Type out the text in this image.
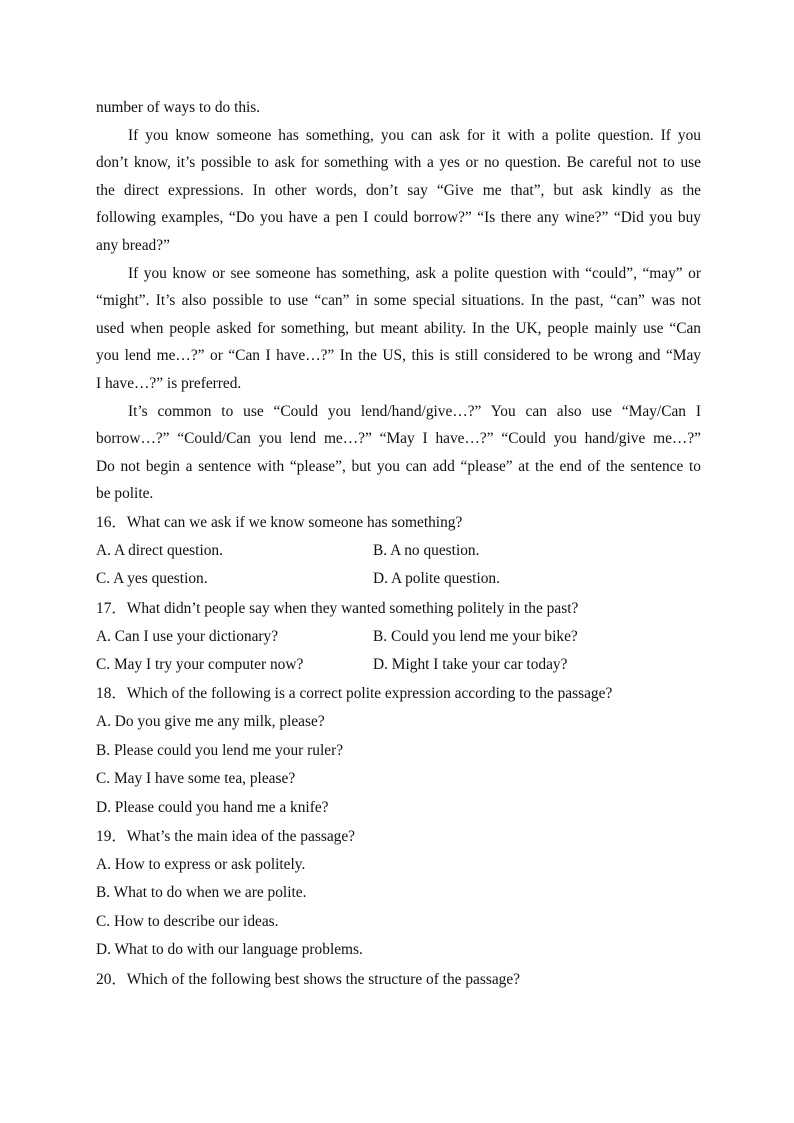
number of ways to do this.
If you know someone has something, you can ask for it with a polite question. If you
don’t know, it’s possible to ask for something with a yes or no question. Be careful not to use
the direct expressions. In other words, don’t say “Give me that”, but ask kindly as the
following examples, “Do you have a pen I could borrow?” “Is there any wine?” “Did you buy
any bread?”
If you know or see someone has something, ask a polite question with “could”, “may” or
“might”. It’s also possible to use “can” in some special situations. In the past, “can” was not
used when people asked for something, but meant ability. In the UK, people mainly use “Can
you lend me…?” or “Can I have…?” In the US, this is still considered to be wrong and “May
I have…?” is preferred.
It’s common to use “Could you lend/hand/give…?” You can also use “May/Can I
borrow…?” “Could/Can you lend me…?” “May I have…?” “Could you hand/give me…?”
Do not begin a sentence with “please”, but you can add “please” at the end of the sentence to
be polite.
16．What can we ask if we know someone has something?
A. A direct question.	B. A no question.
C. A yes question.	D. A polite question.
17．What didn’t people say when they wanted something politely in the past?
A. Can I use your dictionary?	B. Could you lend me your bike?
C. May I try your computer now?	D. Might I take your car today?
18．Which of the following is a correct polite expression according to the passage?
A. Do you give me any milk, please?
B. Please could you lend me your ruler?
C. May I have some tea, please?
D. Please could you hand me a knife?
19．What’s the main idea of the passage?
A. How to express or ask politely.
B. What to do when we are polite.
C. How to describe our ideas.
D. What to do with our language problems.
20．Which of the following best shows the structure of the passage?
